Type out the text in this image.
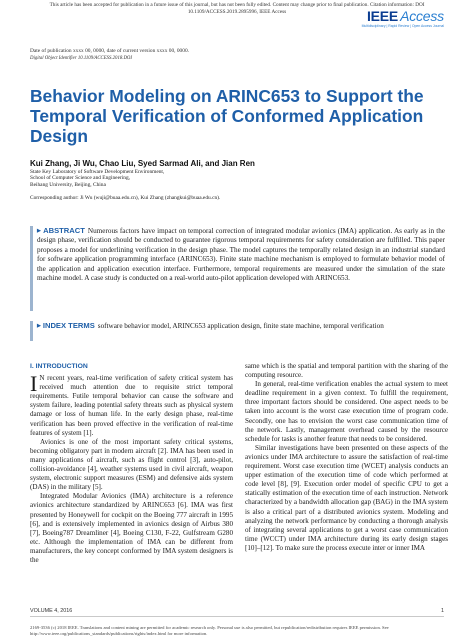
This article has been accepted for publication in a future issue of this journal, but has not been fully edited. Content may change prior to final publication. Citation information: DOI
10.1109/ACCESS.2019.2895996, IEEE Access	IEEE Access
Multidisciplinary | Rapid Review | Open Access Journal
Date of publication xxxx 00, 0000, date of current version xxxx 00, 0000.
Digital Object Identifier 10.1109/ACCESS.2018.DOI
Behavior Modeling on ARINC653 to Support the Temporal Verification of Conformed Application Design
Kui Zhang, Ji Wu, Chao Liu, Syed Sarmad Ali, and Jian Ren
State Key Laboratory of Software Development Environment,
School of Computer Science and Engineering,
Beihang University, Beijing, China
Corresponding author: Ji Wu (wuji@buaa.edu.cn), Kui Zhang (zhangkui@buaa.edu.cn).
▶ ABSTRACT Numerous factors have impact on temporal correction of integrated modular avionics (IMA) application. As early as in the design phase, verification should be conducted to guarantee rigorous temporal requirements for safety consideration are fulfilled. This paper proposes a model for underlining verification in the design phase. The model captures the temporally related design in an industrial standard for software application programming interface (ARINC653). Finite state machine mechanism is employed to formulate behavior model of the application and application execution interface. Furthermore, temporal requirements are measured under the simulation of the state machine model. A case study is conducted on a real-world auto-pilot application developed with ARINC653.
▶ INDEX TERMS software behavior model, ARINC653 application design, finite state machine, temporal verification
I. INTRODUCTION

I N recent years, real-time verification of safety critical system has received much attention due to requisite strict temporal requirements. Futile temporal behavior can cause the software and system failure, leading potential safety threats such as physical system damage or loss of human life. In the early design phase, real-time verification has been proved effective in the verification of real-time features of system [1].

Avionics is one of the most important safety critical systems, becoming obligatory part in modern aircraft [2]. IMA has been used in many applications of aircraft, such as flight control [3], auto-pilot, collision-avoidance [4], weather systems used in civil aircraft, weapon system, electronic support measures (ESM) and defensive aids system (DAS) in the military [5].

Integrated Modular Avionics (IMA) architecture is a reference avionics architecture standardized by ARINC653 [6]. IMA was first presented by Honeywell for cockpit on the Boeing 777 aircraft in 1995 [6], and is extensively implemented in avionics design of Airbus 380 [7], Boeing787 Dreamliner [4], Boeing C130, F-22, Gulfstream G280 etc. Although the implementation of IMA can be different from manufacturers, the key concept conformed by IMA system designers is the

same which is the spatial and temporal partition with the sharing of the computing resource.

In general, real-time verification enables the actual system to meet deadline requirement in a given context. To fulfill the requirement, three important factors should be considered. One aspect needs to be taken into account is the worst case execution time of program code. Secondly, one has to envision the worst case communication time of the network. Lastly, management overhead caused by the resource schedule for tasks is another feature that needs to be considered.

Similar investigations have been presented on these aspects of the avionics under IMA architecture to assure the satisfaction of real-time requirement. Worst case execution time (WCET) analysis conducts an upper estimation of the execution time of code which performed at code level [8], [9]. Execution order model of specific CPU to get a statically estimation of the execution time of each instruction. Network characterized by a bandwidth allocation gap (BAG) in the IMA system is also a critical part of a distributed avionics system. Modeling and analyzing the network performance by conducting a thorough analysis of integrating several applications to get a worst case communication time (WCCT) under IMA architecture during its early design stages [10]–[12]. To make sure the process execute inter or inner IMA

VOLUME 4, 2016	1
2169-3536 (c) 2018 IEEE. Translations and content mining are permitted for academic research only. Personal use is also permitted, but republication/redistribution requires IEEE permission. See
http://www.ieee.org/publications_standards/publications/rights/index.html for more information.
